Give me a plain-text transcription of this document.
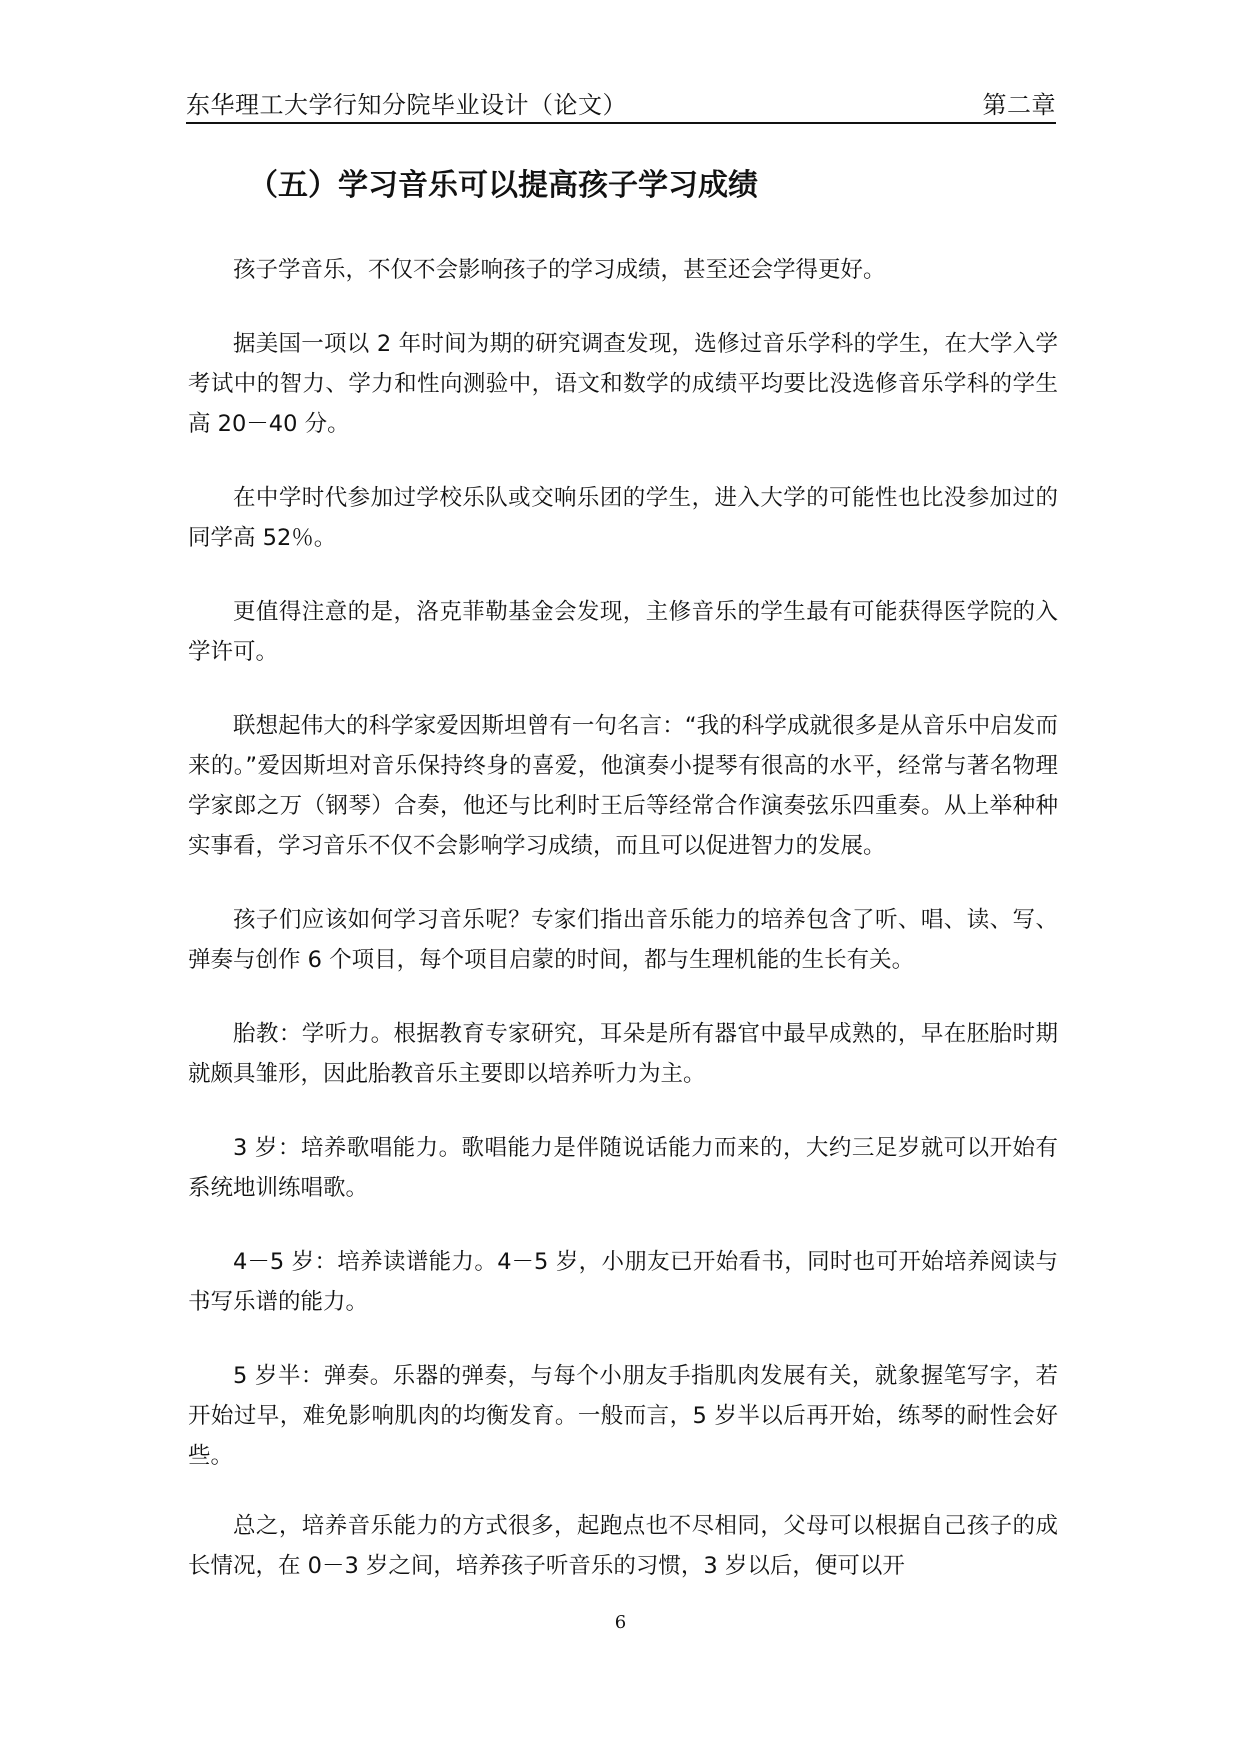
东华理工大学行知分院毕业设计（论文）	第二章
（五）学习音乐可以提高孩子学习成绩

孩子学音乐，不仅不会影响孩子的学习成绩，甚至还会学得更好。

据美国一项以 2 年时间为期的研究调查发现，选修过音乐学科的学生，在大学入学考试中的智力、学力和性向测验中，语文和数学的成绩平均要比没选修音乐学科的学生高 20－40 分。

在中学时代参加过学校乐队或交响乐团的学生，进入大学的可能性也比没参加过的同学高 52％。

更值得注意的是，洛克菲勒基金会发现，主修音乐的学生最有可能获得医学院的入学许可。

联想起伟大的科学家爱因斯坦曾有一句名言：“我的科学成就很多是从音乐中启发而来的。”爱因斯坦对音乐保持终身的喜爱，他演奏小提琴有很高的水平，经常与著名物理学家郎之万（钢琴）合奏，他还与比利时王后等经常合作演奏弦乐四重奏。从上举种种实事看，学习音乐不仅不会影响学习成绩，而且可以促进智力的发展。

孩子们应该如何学习音乐呢？专家们指出音乐能力的培养包含了听、唱、读、写、弹奏与创作 6 个项目，每个项目启蒙的时间，都与生理机能的生长有关。

胎教：学听力。根据教育专家研究，耳朵是所有器官中最早成熟的，早在胚胎时期就颇具雏形，因此胎教音乐主要即以培养听力为主。

3 岁：培养歌唱能力。歌唱能力是伴随说话能力而来的，大约三足岁就可以开始有系统地训练唱歌。

4－5 岁：培养读谱能力。4－5 岁，小朋友已开始看书，同时也可开始培养阅读与书写乐谱的能力。

5 岁半：弹奏。乐器的弹奏，与每个小朋友手指肌肉发展有关，就象握笔写字，若开始过早，难免影响肌肉的均衡发育。一般而言，5 岁半以后再开始，练琴的耐性会好些。

总之，培养音乐能力的方式很多，起跑点也不尽相同，父母可以根据自己孩子的成长情况，在 0－3 岁之间，培养孩子听音乐的习惯，3 岁以后，便可以开

6
